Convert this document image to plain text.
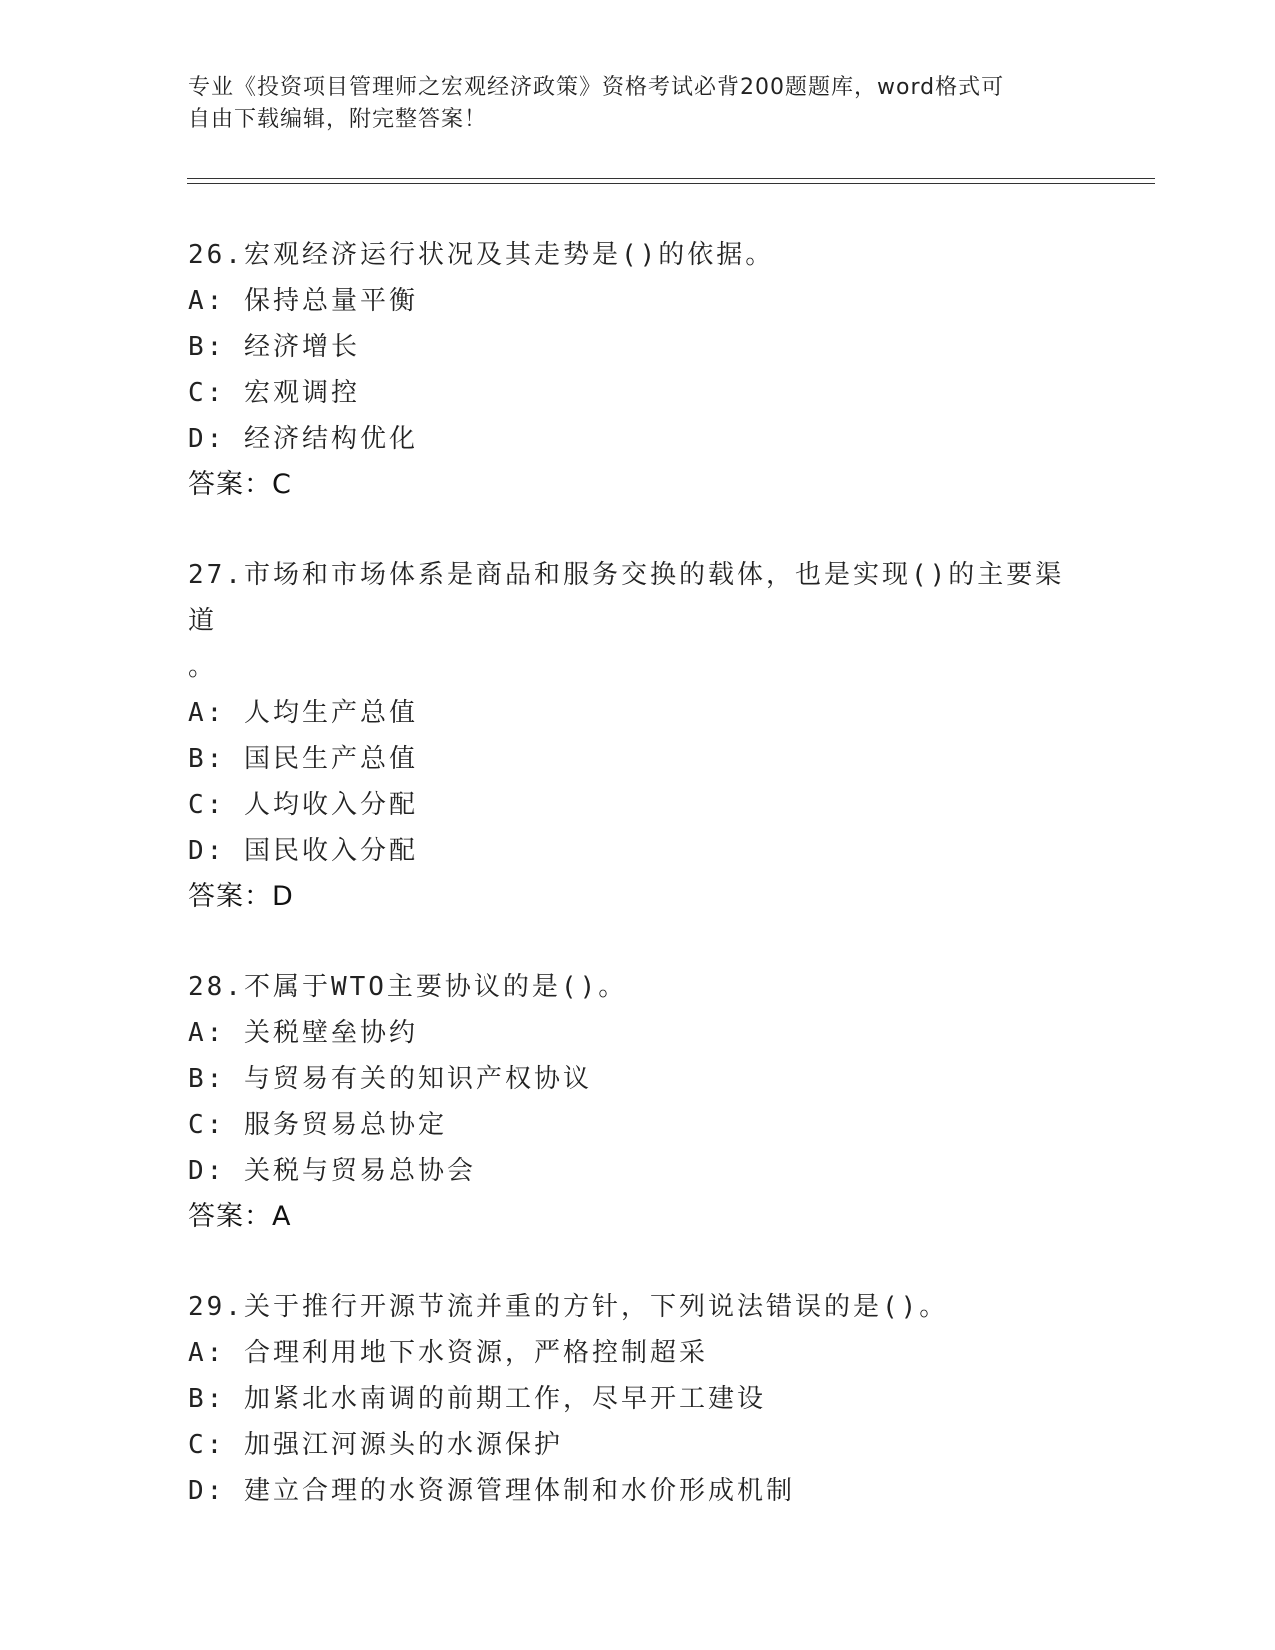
专业《投资项目管理师之宏观经济政策》资格考试必背200题题库，word格式可
自由下载编辑，附完整答案！

26.宏观经济运行状况及其走势是()的依据。

A: 保持总量平衡

B: 经济增长

C: 宏观调控

D: 经济结构优化

答案：C

27.市场和市场体系是商品和服务交换的载体，也是实现()的主要渠道

。

A: 人均生产总值

B: 国民生产总值

C: 人均收入分配

D: 国民收入分配

答案：D

28.不属于WTO主要协议的是()。

A: 关税壁垒协约

B: 与贸易有关的知识产权协议

C: 服务贸易总协定

D: 关税与贸易总协会

答案：A

29.关于推行开源节流并重的方针，下列说法错误的是()。

A: 合理利用地下水资源，严格控制超采

B: 加紧北水南调的前期工作，尽早开工建设

C: 加强江河源头的水源保护

D: 建立合理的水资源管理体制和水价形成机制
